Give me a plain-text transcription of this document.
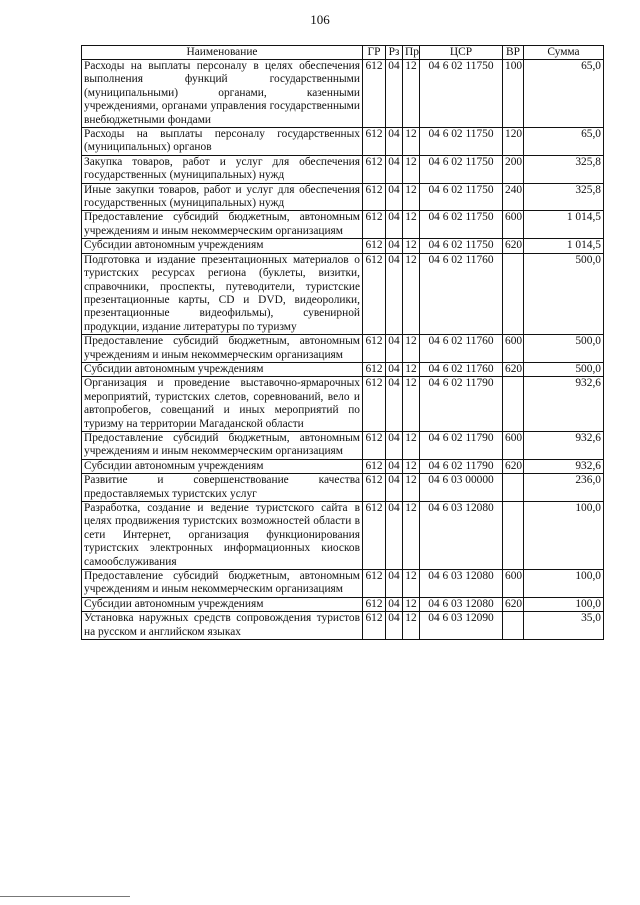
106
Наименование	ГР	Рз	Пр	ЦСР	ВР	Сумма
Расходы на выплаты персоналу в целях обеспечения выполнения функций государственными (муниципальными) органами, казенными учреждениями, органами управления государственными внебюджетными фондами	612	04	12	04 6 02 11750	100	65,0
Расходы на выплаты персоналу государственных (муниципальных) органов	612	04	12	04 6 02 11750	120	65,0
Закупка товаров, работ и услуг для обеспечения государственных (муниципальных) нужд	612	04	12	04 6 02 11750	200	325,8
Иные закупки товаров, работ и услуг для обеспечения государственных (муниципальных) нужд	612	04	12	04 6 02 11750	240	325,8
Предоставление субсидий бюджетным, автономным учреждениям и иным некоммерческим организациям	612	04	12	04 6 02 11750	600	1 014,5
Субсидии автономным учреждениям	612	04	12	04 6 02 11750	620	1 014,5
Подготовка и издание презентационных материалов о туристских ресурсах региона (буклеты, визитки, справочники, проспекты, путеводители, туристские презентационные карты, CD и DVD, видеоролики, презентационные видеофильмы), сувенирной продукции, издание литературы по туризму	612	04	12	04 6 02 11760		500,0
Предоставление субсидий бюджетным, автономным учреждениям и иным некоммерческим организациям	612	04	12	04 6 02 11760	600	500,0
Субсидии автономным учреждениям	612	04	12	04 6 02 11760	620	500,0
Организация и проведение выставочно-ярмарочных мероприятий, туристских слетов, соревнований, вело и автопробегов, совещаний и иных мероприятий по туризму на территории Магаданской области	612	04	12	04 6 02 11790		932,6
Предоставление субсидий бюджетным, автономным учреждениям и иным некоммерческим организациям	612	04	12	04 6 02 11790	600	932,6
Субсидии автономным учреждениям	612	04	12	04 6 02 11790	620	932,6
Развитие и совершенствование качества предоставляемых туристских услуг	612	04	12	04 6 03 00000		236,0
Разработка, создание и ведение туристского сайта в целях продвижения туристских возможностей области в сети Интернет, организация функционирования туристских электронных информационных киосков самообслуживания	612	04	12	04 6 03 12080		100,0
Предоставление субсидий бюджетным, автономным учреждениям и иным некоммерческим организациям	612	04	12	04 6 03 12080	600	100,0
Субсидии автономным учреждениям	612	04	12	04 6 03 12080	620	100,0
Установка наружных средств сопровождения туристов на русском и английском языках	612	04	12	04 6 03 12090		35,0
